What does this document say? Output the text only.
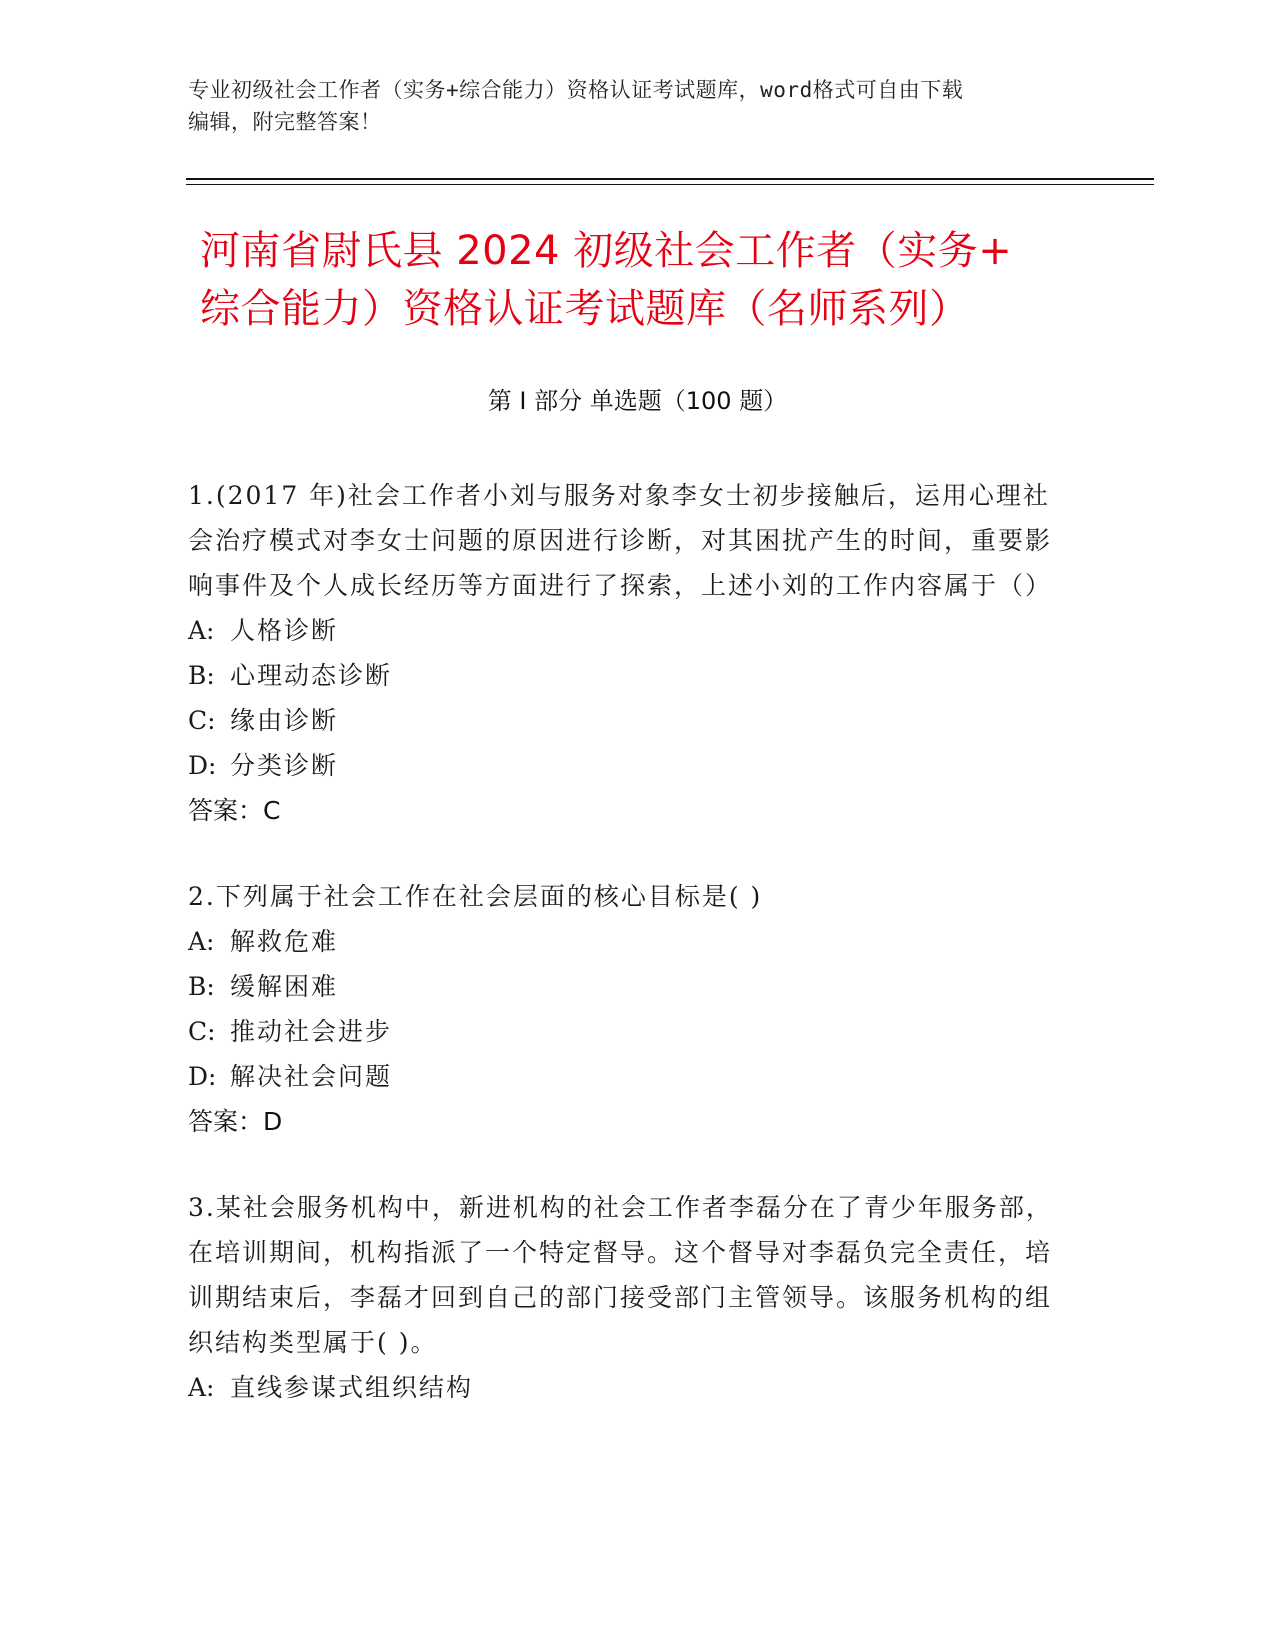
专业初级社会工作者（实务+综合能力）资格认证考试题库，word格式可自由下载
编辑，附完整答案！
河南省尉氏县 2024 初级社会工作者（实务+
综合能力）资格认证考试题库（名师系列）
第 I 部分 单选题（100 题）
1.(2017 年)社会工作者小刘与服务对象李女士初步接触后，运用心理社会治疗模式对李女士问题的原因进行诊断，对其困扰产生的时间，重要影响事件及个人成长经历等方面进行了探索，上述小刘的工作内容属于（）
A: 人格诊断
B: 心理动态诊断
C: 缘由诊断
D: 分类诊断
答案：C
2.下列属于社会工作在社会层面的核心目标是( )
A: 解救危难
B: 缓解困难
C: 推动社会进步
D: 解决社会问题
答案：D
3.某社会服务机构中，新进机构的社会工作者李磊分在了青少年服务部，在培训期间，机构指派了一个特定督导。这个督导对李磊负完全责任，培训期结束后，李磊才回到自己的部门接受部门主管领导。该服务机构的组织结构类型属于( )。
A: 直线参谋式组织结构
